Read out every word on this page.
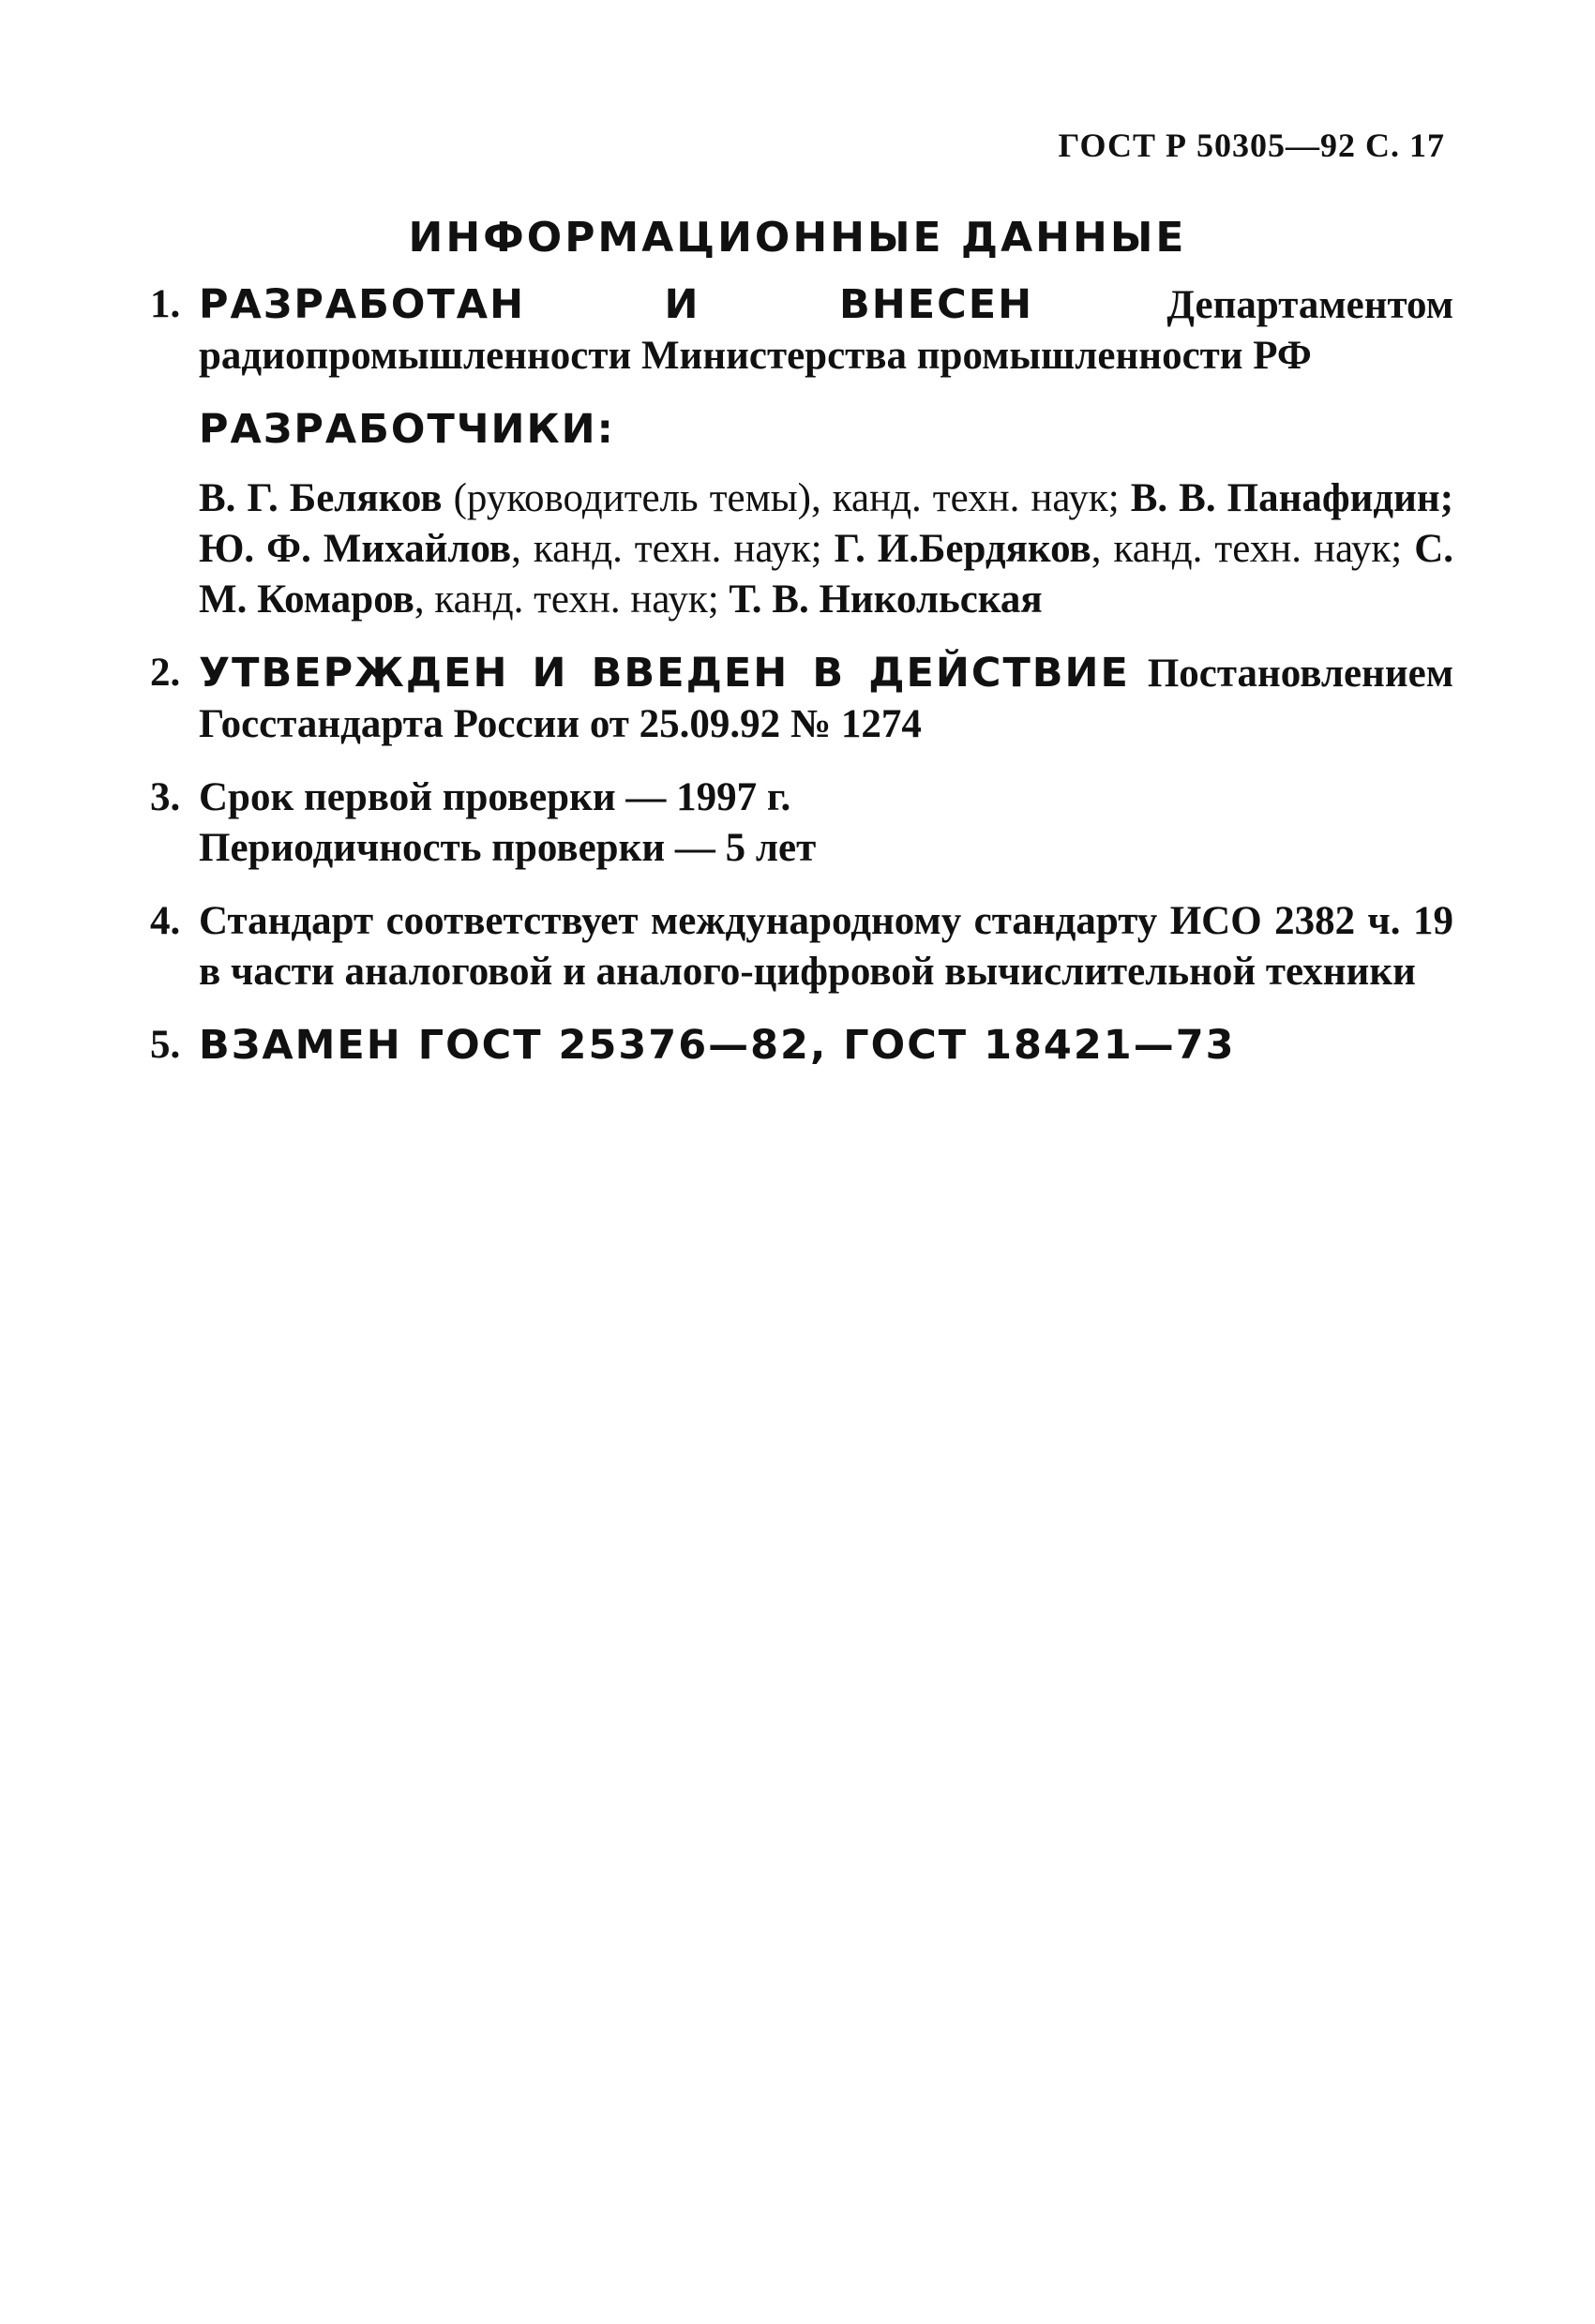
ГОСТ Р 50305—92 С. 17
ИНФОРМАЦИОННЫЕ ДАННЫЕ
1. РАЗРАБОТАН И ВНЕСЕН	Департаментом радиопромышленности Министерства промышленности РФ
РАЗРАБОТЧИКИ:
В. Г. Беляков (руководитель темы), канд. техн. наук; В. В. Панафидин; Ю. Ф. Михайлов, канд. техн. наук; Г. И.Бердяков, канд. техн. наук; С. М. Комаров, канд. техн. наук; Т. В. Никольская
2. УТВЕРЖДЕН И ВВЕДЕН В ДЕЙСТВИЕ Постановлением Госстандарта России от 25.09.92 № 1274
3. Срок первой проверки — 1997 г.
Периодичность проверки — 5 лет
4. Стандарт соответствует международному стандарту ИСО 2382 ч. 19 в части аналоговой и аналого-цифровой вычислительной техники
5. ВЗАМЕН ГОСТ 25376—82, ГОСТ 18421—73
